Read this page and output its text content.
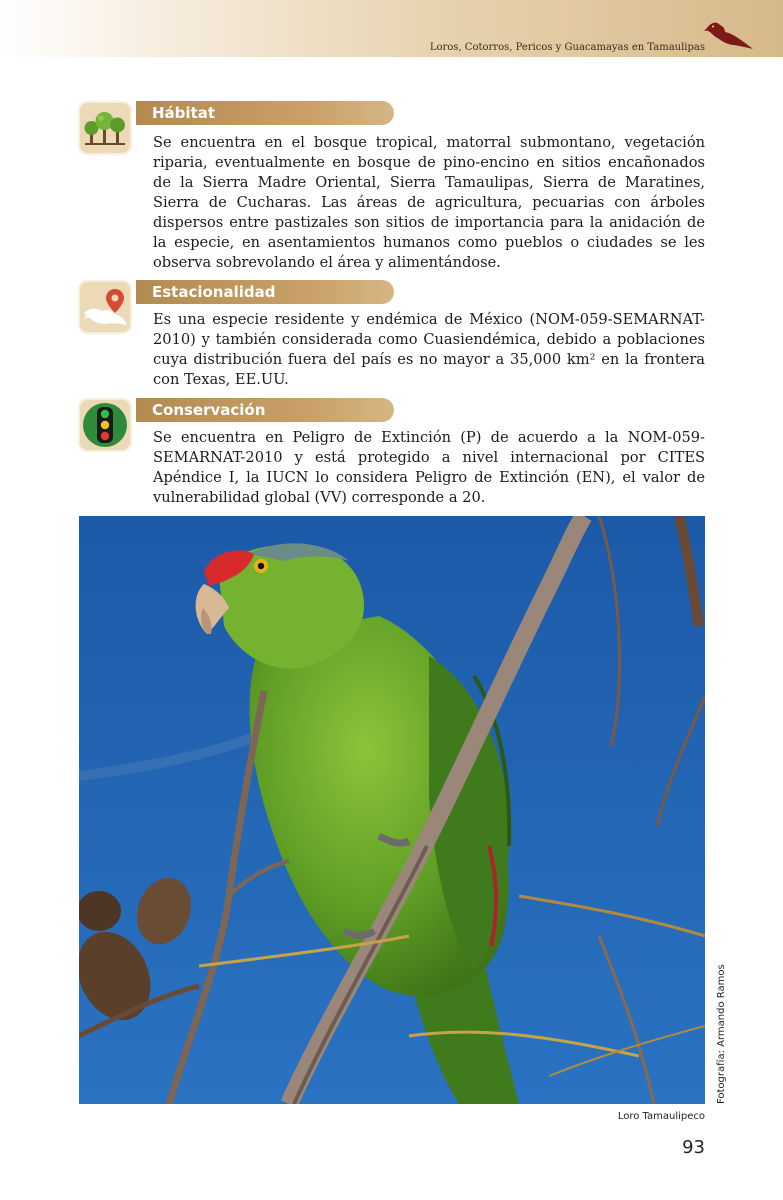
Loros, Cotorros, Pericos y Guacamayas en Tamaulipas
Hábitat

Se encuentra en el bosque tropical, matorral submontano, vegetación riparia, eventualmente en bosque de pino-encino en sitios encañonados de la Sierra Madre Oriental, Sierra Tamaulipas, Sierra de Maratines, Sierra de Cucharas. Las áreas de agricultura, pecuarias con árboles dispersos entre pastizales son sitios de importancia para la anidación de la especie, en asentamientos humanos como pueblos o ciudades se les observa sobrevolando el área y alimentándose.

Estacionalidad

Es una especie residente y endémica de México (NOM-059-SEMARNAT-2010) y también considerada como Cuasiendémica, debido a poblaciones cuya distribución fuera del país es no mayor a 35,000 km² en la frontera con Texas, EE.UU.

Conservación

Se encuentra en Peligro de Extinción (P) de acuerdo a la NOM-059-SEMARNAT-2010 y está protegido a nivel internacional por CITES Apéndice I, la IUCN lo considera Peligro de Extinción (EN), el valor de vulnerabilidad global (VV) corresponde a 20.

Fotografía: Armando Ramos
Loro Tamaulipeco
93
